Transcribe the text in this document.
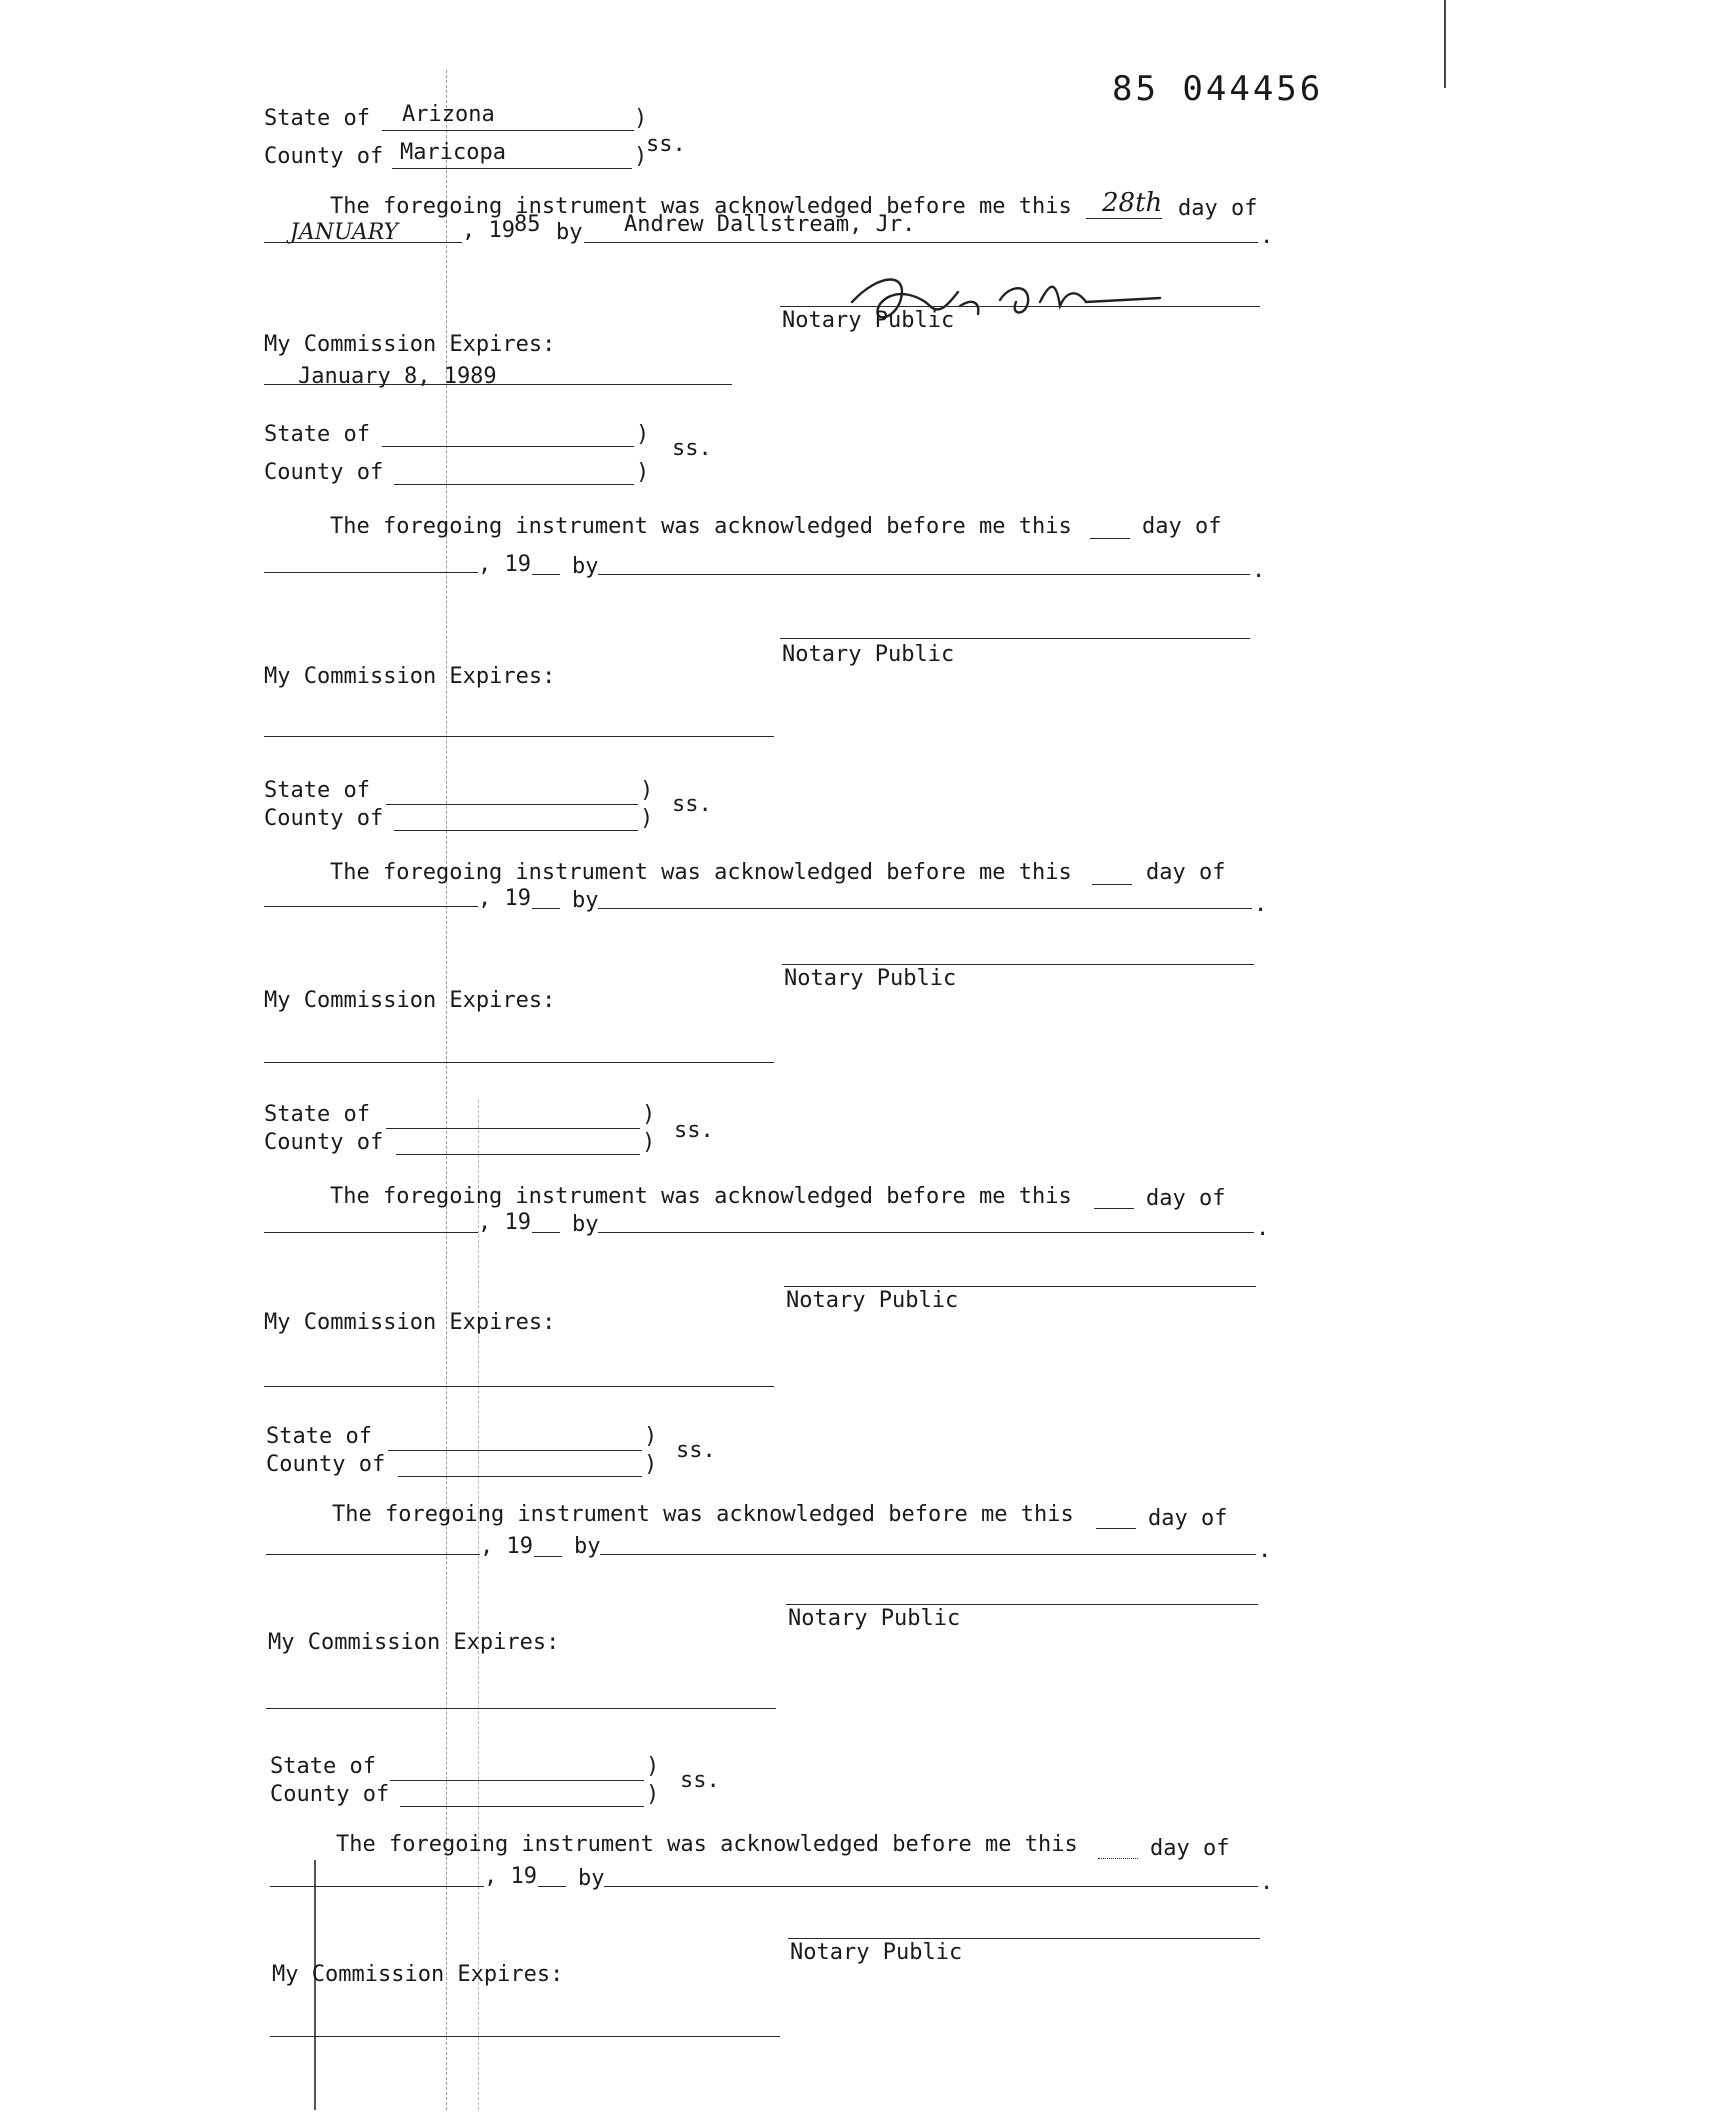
85 044456
State of Arizona	)
County of Maricopa	)
ss.
The foregoing instrument was acknowledged before me this 28th day of
JANUARY	, 19 85 by Andrew Dallstream, Jr.	.
Notary Public
My Commission Expires:
January 8, 1989
State of	)
ss.
County of	)
The foregoing instrument was acknowledged before me this	day of
, 19 by	.
Notary Public
My Commission Expires:
State of	)
ss.
County of	)
The foregoing instrument was acknowledged before me this	day of
, 19 by	.
Notary Public
My Commission Expires:
State of	)
ss.
County of	)
The foregoing instrument was acknowledged before me this	day of
, 19 by	.
Notary Public
My Commission Expires:
State of	)
ss.
County of	)
The foregoing instrument was acknowledged before me this	day of
, 19 by	.
Notary Public
My Commission Expires:
State of	)
ss.
County of	)
The foregoing instrument was acknowledged before me this	day of
, 19 by	.
Notary Public
My Commission Expires:
